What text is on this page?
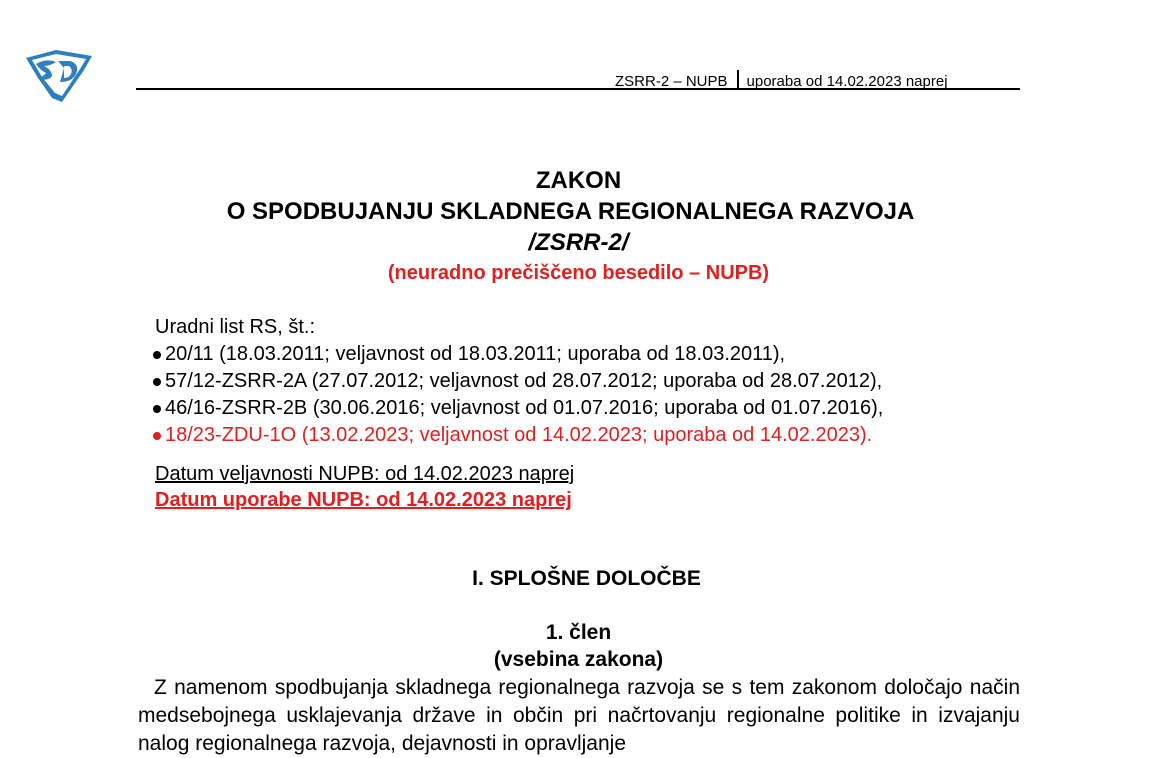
ZSRR-2 – NUPB uporaba od 14.02.2023 naprej
ZAKON
O SPODBUJANJU SKLADNEGA REGIONALNEGA RAZVOJA
/ZSRR-2/
(neuradno prečiščeno besedilo – NUPB)
Uradni list RS, št.:
20/11 (18.03.2011; veljavnost od 18.03.2011; uporaba od 18.03.2011),
57/12-ZSRR-2A (27.07.2012; veljavnost od 28.07.2012; uporaba od 28.07.2012),
46/16-ZSRR-2B (30.06.2016; veljavnost od 01.07.2016; uporaba od 01.07.2016),
18/23-ZDU-1O (13.02.2023; veljavnost od 14.02.2023; uporaba od 14.02.2023).
Datum veljavnosti NUPB: od 14.02.2023 naprej
Datum uporabe NUPB: od 14.02.2023 naprej
I. SPLOŠNE DOLOČBE
1. člen
(vsebina zakona)
Z namenom spodbujanja skladnega regionalnega razvoja se s tem zakonom določajo način medsebojnega usklajevanja države in občin pri načrtovanju regionalne politike in izvajanju nalog regionalnega razvoja, dejavnosti in opravljanje
